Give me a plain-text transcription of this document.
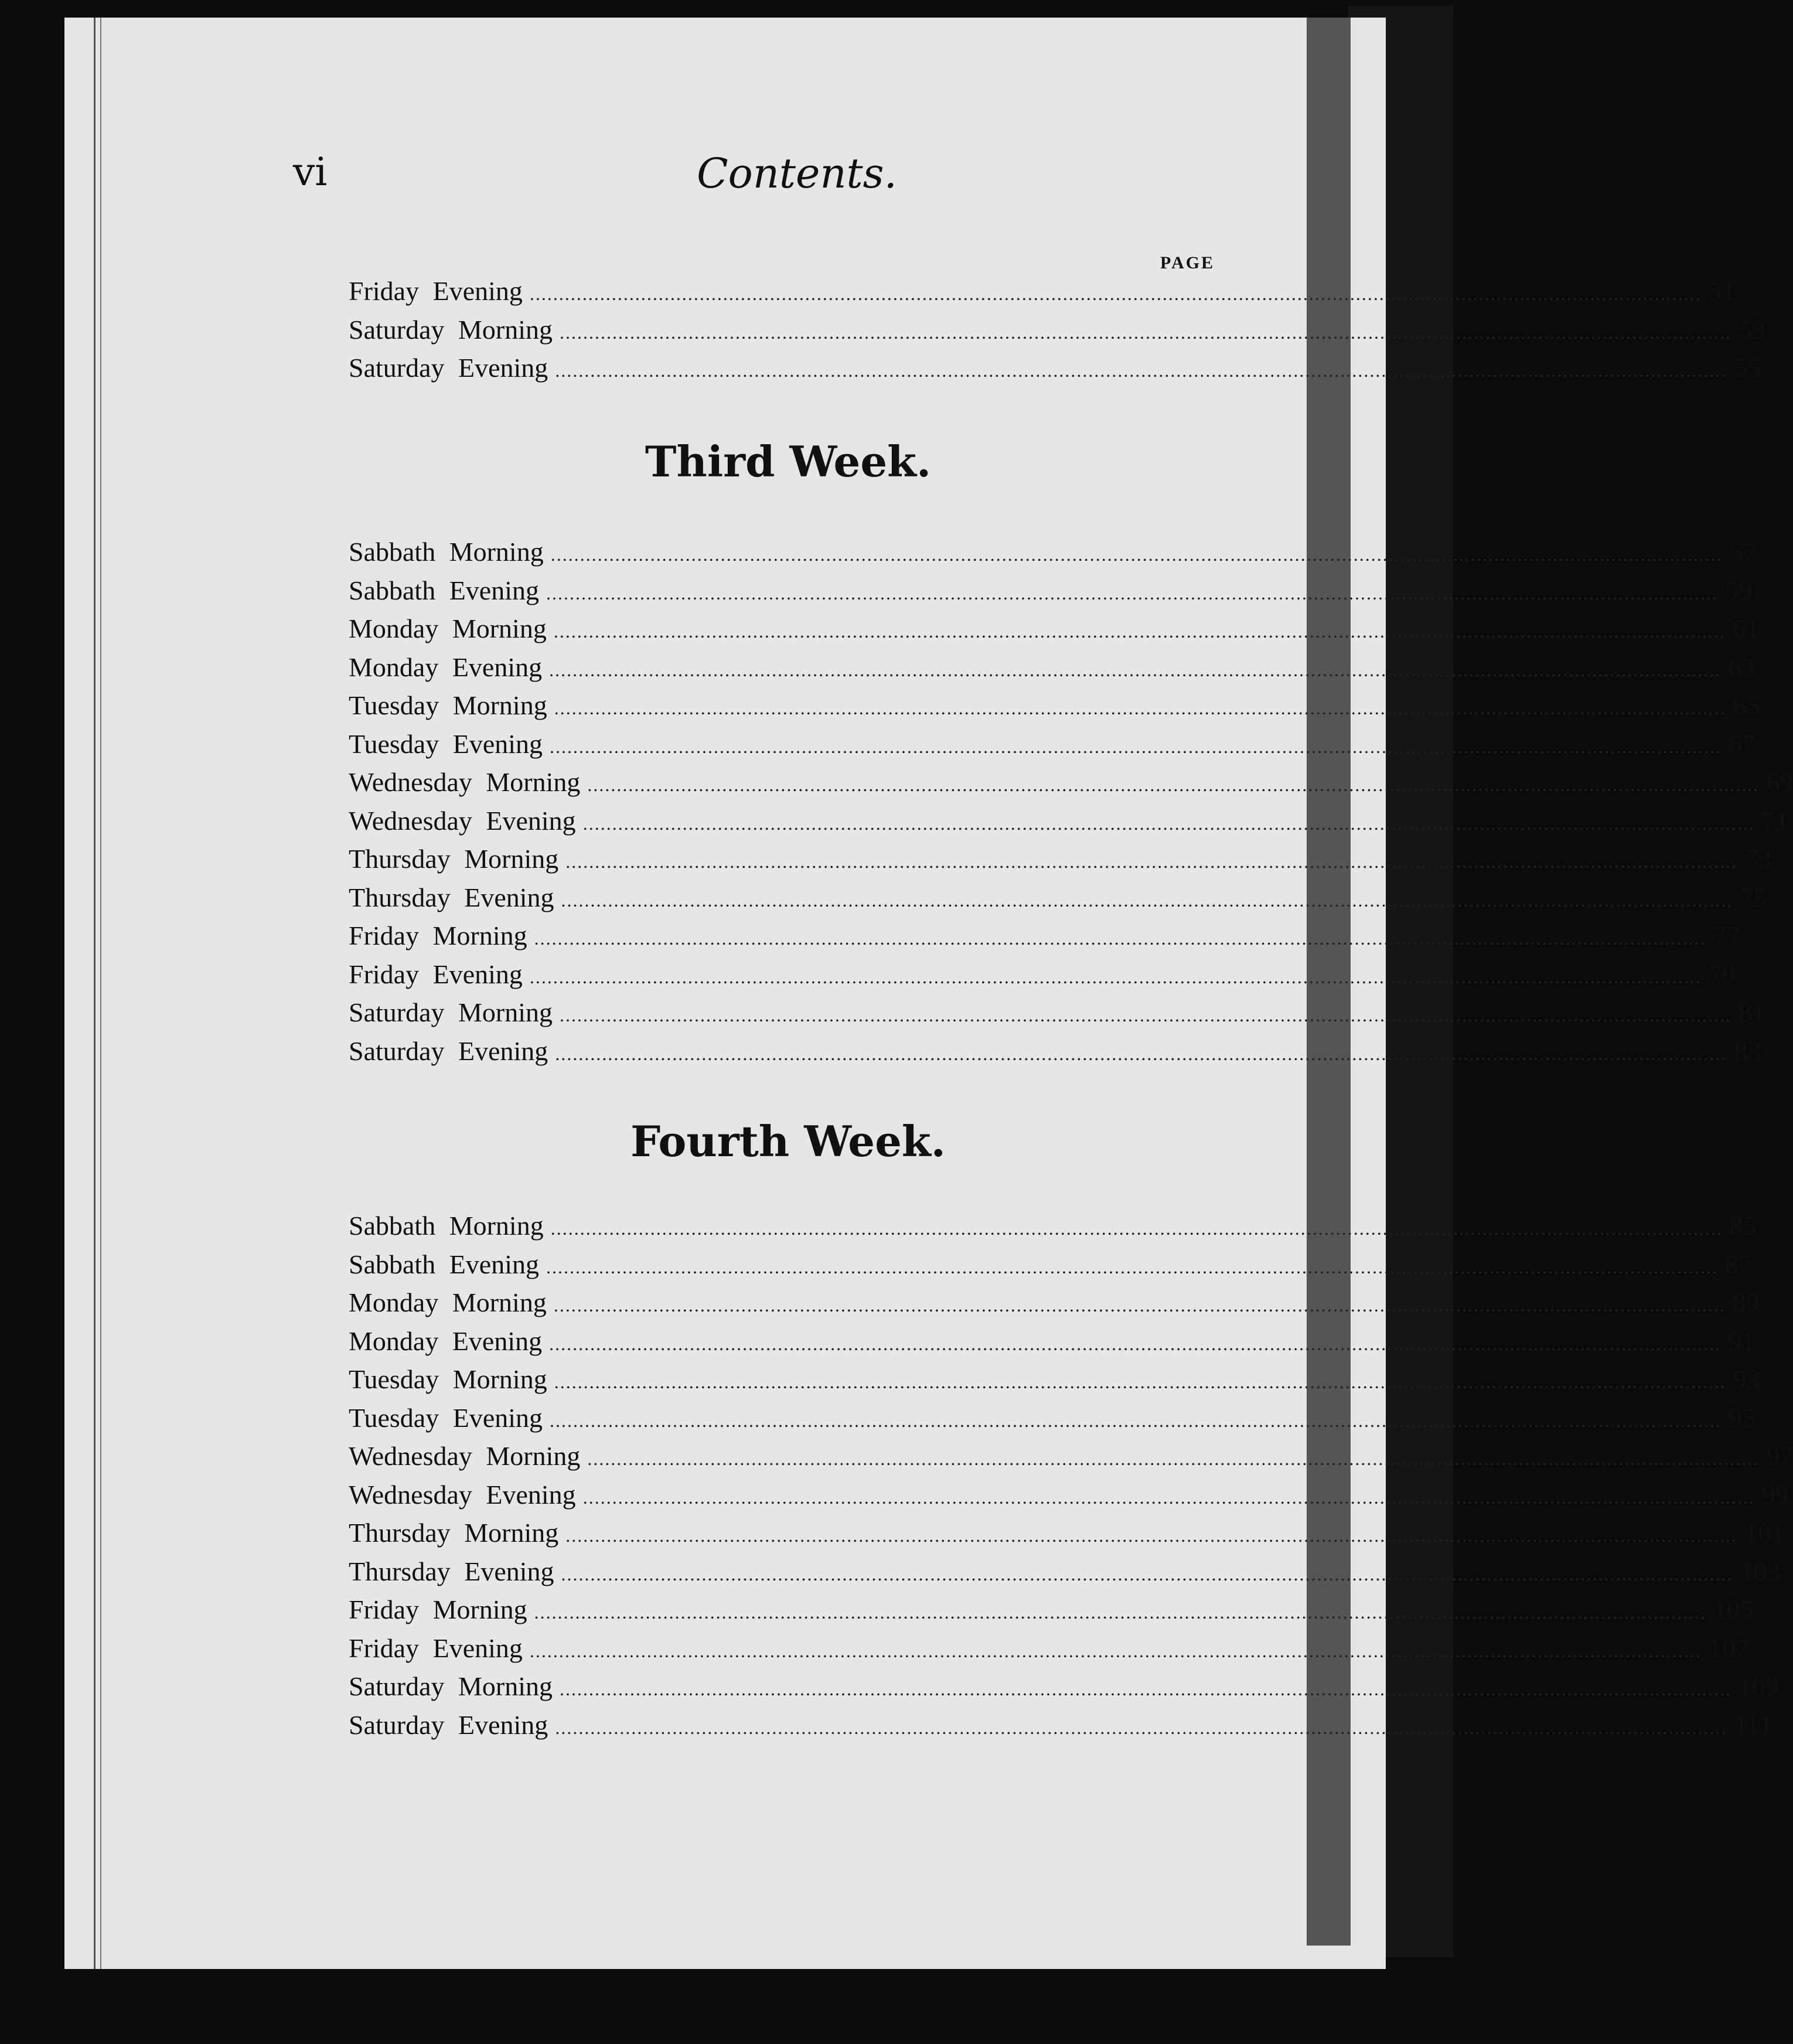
vi	Contents.
PAGE
Friday Evening ........................................................................................................................................................................................................ 51
Saturday Morning ........................................................................................................................................................................................................ 53
Saturday Evening ........................................................................................................................................................................................................ 55
Third Week.
Sabbath Morning ........................................................................................................................................................................................................ 57
Sabbath Evening ........................................................................................................................................................................................................ 59
Monday Morning ........................................................................................................................................................................................................ 61
Monday Evening ........................................................................................................................................................................................................ 63
Tuesday Morning ........................................................................................................................................................................................................ 65
Tuesday Evening ........................................................................................................................................................................................................ 67
Wednesday Morning ........................................................................................................................................................................................................ 69
Wednesday Evening ........................................................................................................................................................................................................ 71
Thursday Morning ........................................................................................................................................................................................................ 73
Thursday Evening ........................................................................................................................................................................................................ 75
Friday Morning ........................................................................................................................................................................................................ 77
Friday Evening ........................................................................................................................................................................................................ 79
Saturday Morning ........................................................................................................................................................................................................ 81
Saturday Evening ........................................................................................................................................................................................................ 83
Fourth Week.
Sabbath Morning ........................................................................................................................................................................................................ 85
Sabbath Evening ........................................................................................................................................................................................................ 87
Monday Morning ........................................................................................................................................................................................................ 89
Monday Evening ........................................................................................................................................................................................................ 91
Tuesday Morning ........................................................................................................................................................................................................ 93
Tuesday Evening ........................................................................................................................................................................................................ 95
Wednesday Morning ........................................................................................................................................................................................................ 97
Wednesday Evening ........................................................................................................................................................................................................ 99
Thursday Morning ........................................................................................................................................................................................................ 101
Thursday Evening ........................................................................................................................................................................................................ 103
Friday Morning ........................................................................................................................................................................................................ 105
Friday Evening ........................................................................................................................................................................................................ 107
Saturday Morning ........................................................................................................................................................................................................ 109
Saturday Evening ........................................................................................................................................................................................................ 111
